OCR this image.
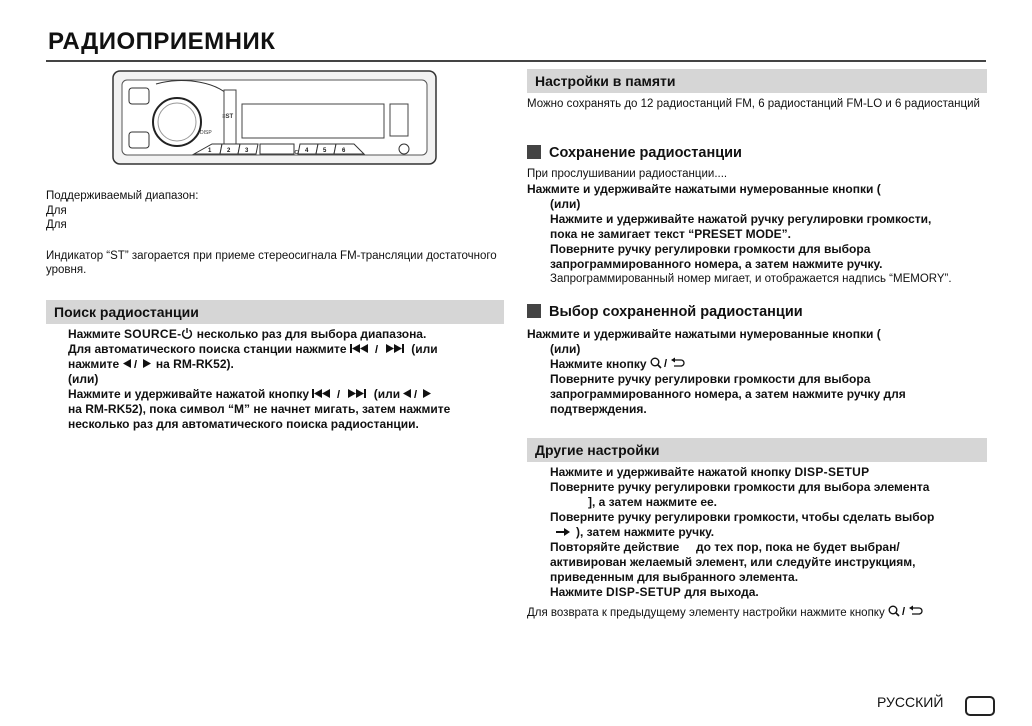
РАДИОПРИЕМНИК
DISP
≡ST
1	2 3	4 5	6
Поддерживаемый диапазон:
Для
Для
Индикатор “ST” загорается при приеме стереосигнала FM-трансляции достаточного
уровня.
Поиск радиостанции
Нажмите SOURCE- несколько раз для выбора диапазона.
Для автоматического поиска станции нажмите / (или
нажмите / на RM-RK52).
(или)
Нажмите и удерживайте нажатой кнопку / (или /
на RM-RK52), пока символ “M” не начнет мигать, затем нажмите
несколько раз для автоматического поиска радиостанции.
Настройки в памяти
Можно сохранять до 12 радиостанций FM, 6 радиостанций FM-LO и 6 радиостанций
Сохранение радиостанции
При прослушивании радиостанции....
Нажмите и удерживайте нажатыми нумерованные кнопки (
(или)
Нажмите и удерживайте нажатой ручку регулировки громкости,
пока не замигает текст “PRESET MODE”.
Поверните ручку регулировки громкости для выбора
запрограммированного номера, а затем нажмите ручку.
Запрограммированный номер мигает, и отображается надпись “MEMORY”.
Выбор сохраненной радиостанции
Нажмите и удерживайте нажатыми нумерованные кнопки (
(или)
Нажмите кнопку /
Поверните ручку регулировки громкости для выбора
запрограммированного номера, а затем нажмите ручку для
подтверждения.
Другие настройки
Нажмите и удерживайте нажатой кнопку DISP-SETUP
Поверните ручку регулировки громкости для выбора элемента
], а затем нажмите ее.
Поверните ручку регулировки громкости, чтобы сделать выбор
), затем нажмите ручку.
Повторяйте действие     до тех пор, пока не будет выбран/
активирован желаемый элемент, или следуйте инструкциям,
приведенным для выбранного элемента.
Нажмите DISP-SETUP для выхода.
Для возврата к предыдущему элементу настройки нажмите кнопку /
РУССКИЙ
